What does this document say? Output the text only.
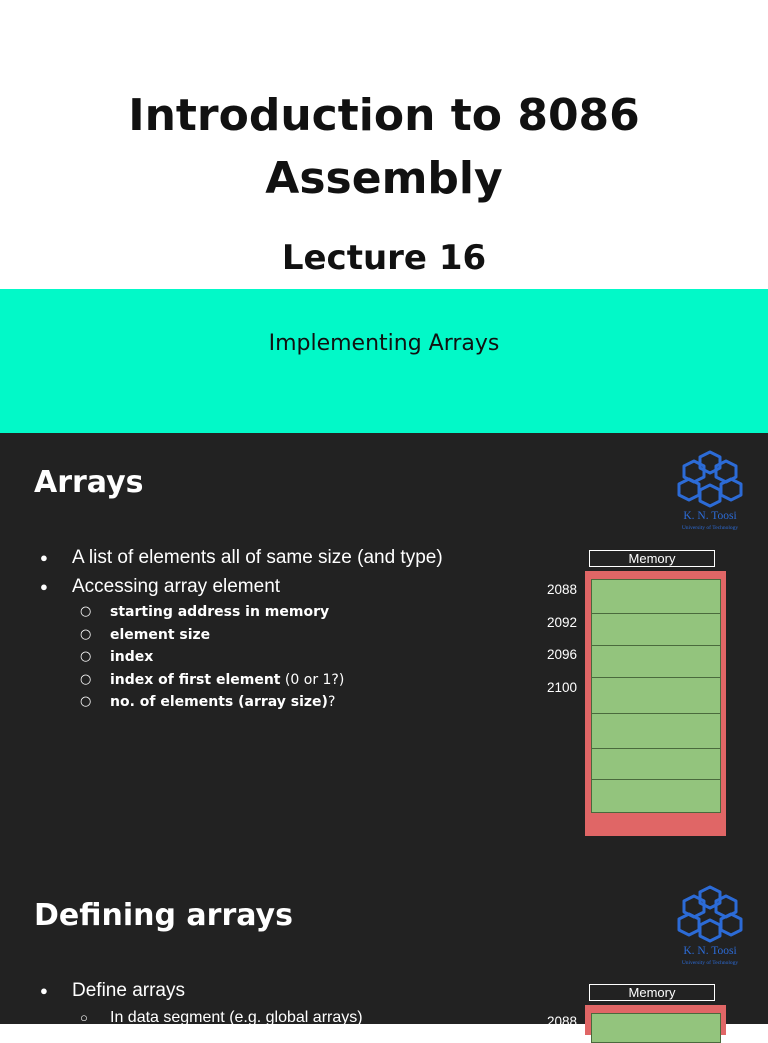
Introduction to 8086
Assembly
Lecture 16
Implementing Arrays
Arrays
K. N. Toosi
University of Technology
● A list of elements all of same size (and type)
● Accessing array element
○ starting address in memory
○ element size
○ index
○ index of first element (0 or 1?)
○ no. of elements (array size)?
Memory
2088
2092
2096
2100
Defining arrays
K. N. Toosi
University of Technology
● Define arrays
○ In data segment (e.g. global arrays)
Memory
2088
